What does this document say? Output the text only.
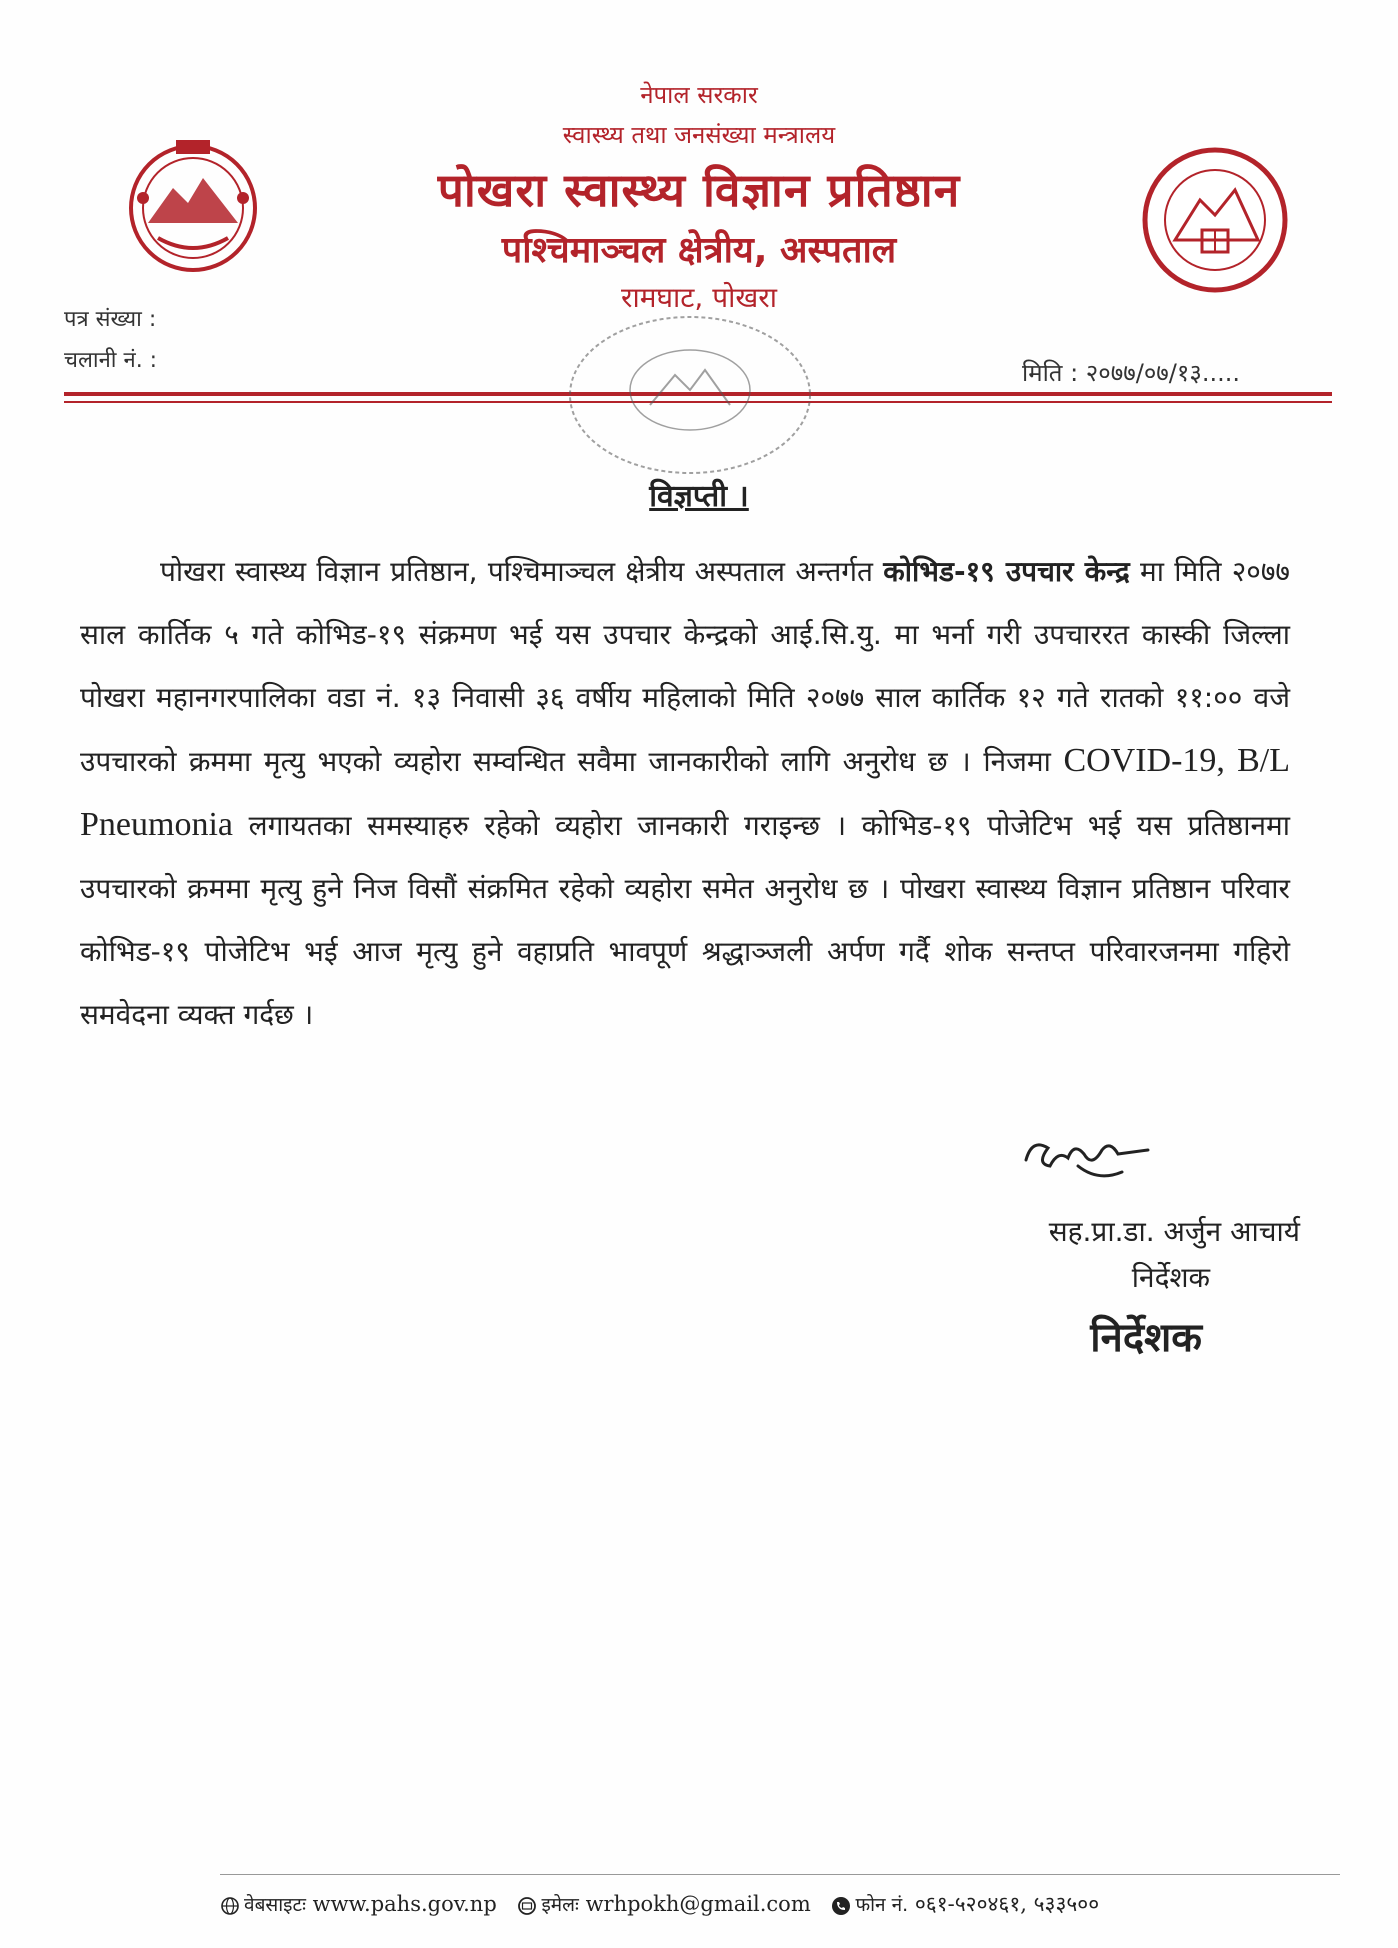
नेपाल सरकार
स्वास्थ्य तथा जनसंख्या मन्त्रालय
पोखरा स्वास्थ्य विज्ञान प्रतिष्ठान
पश्चिमाञ्चल क्षेत्रीय, अस्पताल
रामघाट, पोखरा
पत्र संख्या :
चलानी नं. :	मिति : २०७७/०७/१३.....
विज्ञप्ती ।

पोखरा स्वास्थ्य विज्ञान प्रतिष्ठान, पश्चिमाञ्चल क्षेत्रीय अस्पताल अन्तर्गत कोभिड-१९ उपचार केन्द्र मा मिति २०७७ साल कार्तिक ५ गते कोभिड-१९ संक्रमण भई यस उपचार केन्द्रको आई.सि.यु. मा भर्ना गरी उपचाररत कास्की जिल्ला पोखरा महानगरपालिका वडा नं. १३ निवासी ३६ वर्षीय महिलाको मिति २०७७ साल कार्तिक १२ गते रातको ११:०० वजे उपचारको क्रममा मृत्यु भएको व्यहोरा सम्वन्धित सवैमा जानकारीको लागि अनुरोध छ । निजमा COVID-19, B/L Pneumonia लगायतका समस्याहरु रहेको व्यहोरा जानकारी गराइन्छ । कोभिड-१९ पोजेटिभ भई यस प्रतिष्ठानमा उपचारको क्रममा मृत्यु हुने निज विसौं संक्रमित रहेको व्यहोरा समेत अनुरोध छ । पोखरा स्वास्थ्य विज्ञान प्रतिष्ठान परिवार कोभिड-१९ पोजेटिभ भई आज मृत्यु हुने वहाप्रति भावपूर्ण श्रद्धाञ्जली अर्पण गर्दै शोक सन्तप्त परिवारजनमा गहिरो समवेदना व्यक्त गर्दछ ।

सह.प्रा.डा. अर्जुन आचार्य
निर्देशक
निर्देशक
वेबसाइटः www.pahs.gov.np इमेलः wrhpokh@gmail.com फोन नं. ०६१-५२०४६१, ५३३५००
